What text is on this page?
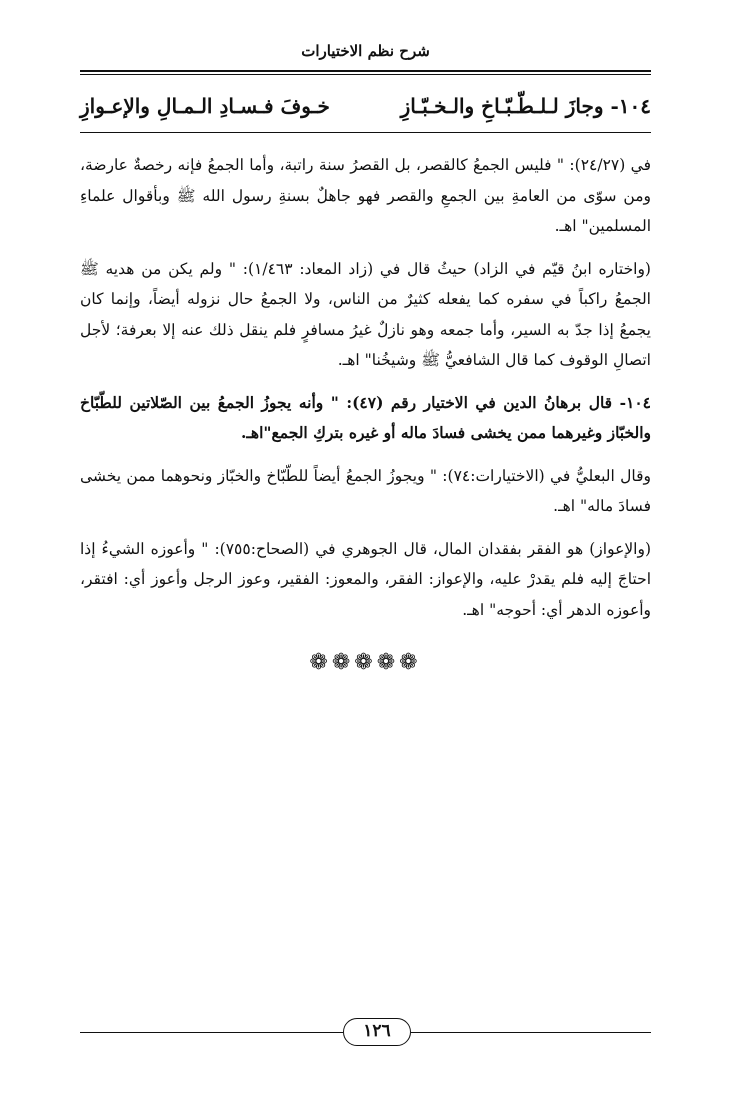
شرح نظم الاختيارات
١٠٤- وجازَ لـلـطّـبّـاخِ والـخـبّـازِ
خـوفَ فـسـادِ الـمـالِ والإعـوازِ

في (٢٤/٢٧): " فليس الجمعُ كالقصر، بل القصرُ سنة راتبة، وأما الجمعُ فإنه رخصةٌ عارضة، ومن سوّى من العامةِ بين الجمعِ والقصر فهو جاهلٌ بسنةِ رسول الله ﷺ وبأقوال علماءِ المسلمين" اهـ.

(واختاره ابنُ قيّم في الزاد) حيثُ قال في (زاد المعاد: ١/٤٦٣): " ولم يكن من هديه ﷺ الجمعُ راكباً في سفره كما يفعله كثيرٌ من الناس، ولا الجمعُ حال نزوله أيضاً، وإنما كان يجمعُ إذا جدّ به السير، وأما جمعه وهو نازلٌ غيرُ مسافرٍ فلم ينقل ذلك عنه إلا بعرفة؛ لأجل اتصالِ الوقوف كما قال الشافعيُّ ﷺ وشيخُنا" اهـ.

١٠٤- قال برهانُ الدين في الاختيار رقم (٤٧): " وأنه يجوزُ الجمعُ بين الصّلاتين للطّبّاخ والخبّاز وغيرهما ممن يخشى فسادَ ماله أو غيره بتركِ الجمع"اهـ.

وقال البعليُّ في (الاختيارات:٧٤): " ويجوزُ الجمعُ أيضاً للطّبّاخ والخبّاز ونحوهما ممن يخشى فسادَ ماله" اهـ.

(والإعواز) هو الفقر بفقدان المال، قال الجوهري في (الصحاح:٧٥٥): " وأعوزه الشيءُ إذا احتاجَ إليه فلم يقدرْ عليه، والإعواز: الفقر، والمعوز: الفقير، وعوز الرجل وأعوز أي: افتقر، وأعوزه الدهر أي: أحوجه" اهـ.

❁❁❁❁❁
١٢٦
